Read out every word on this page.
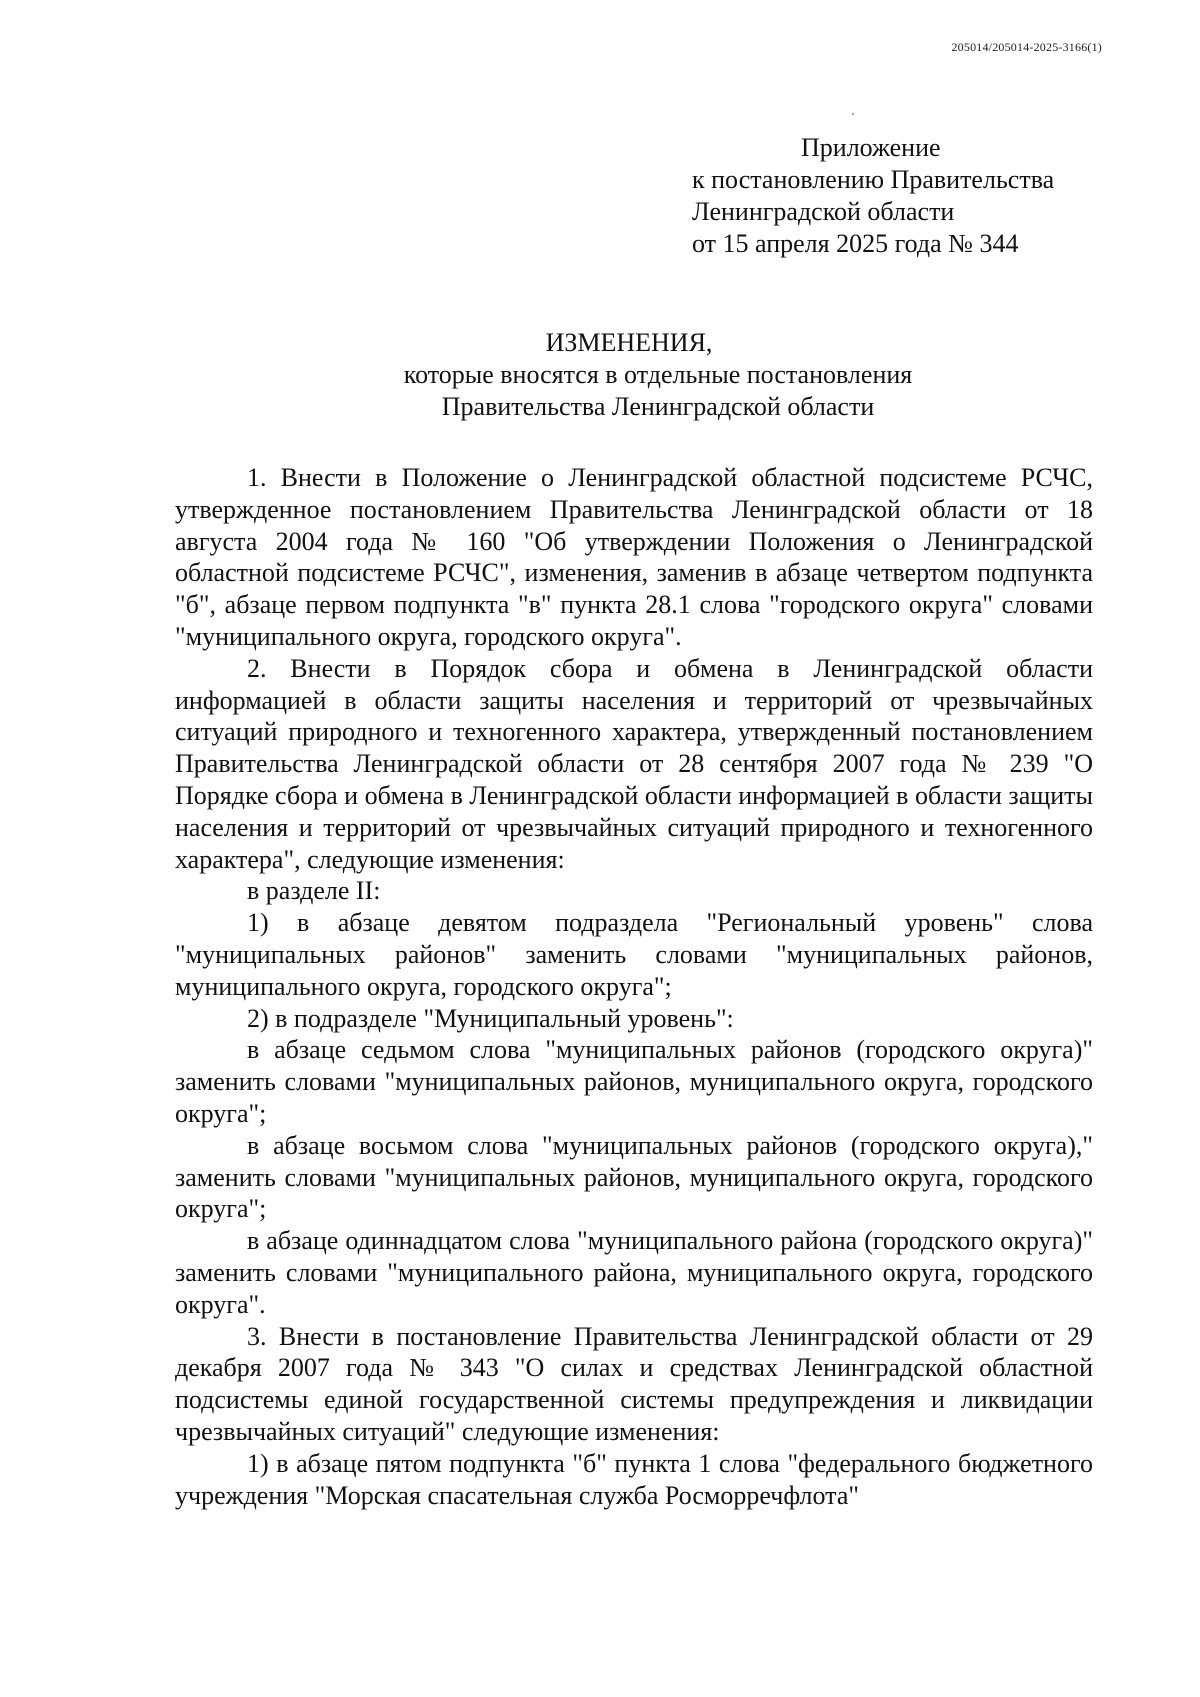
205014/205014-2025-3166(1)
Приложение
к постановлению Правительства
Ленинградской области
от 15 апреля 2025 года № 344
ИЗМЕНЕНИЯ,
которые вносятся в отдельные постановления
Правительства Ленинградской области

1. Внести в Положение о Ленинградской областной подсистеме РСЧС, утвержденное постановлением Правительства Ленинградской области от 18 августа 2004 года № 160 "Об утверждении Положения о Ленинградской областной подсистеме РСЧС", изменения, заменив в абзаце четвертом подпункта "б", абзаце первом подпункта "в" пункта 28.1 слова "городского округа" словами "муниципального округа, городского округа".

2. Внести в Порядок сбора и обмена в Ленинградской области информацией в области защиты населения и территорий от чрезвычайных ситуаций природного и техногенного характера, утвержденный постановлением Правительства Ленинградской области от 28 сентября 2007 года № 239 "О Порядке сбора и обмена в Ленинградской области информацией в области защиты населения и территорий от чрезвычайных ситуаций природного и техногенного характера", следующие изменения:

в разделе II:

1) в абзаце девятом подраздела "Региональный уровень" слова "муниципальных районов" заменить словами "муниципальных районов, муниципального округа, городского округа";

2) в подразделе "Муниципальный уровень":

в абзаце седьмом слова "муниципальных районов (городского округа)" заменить словами "муниципальных районов, муниципального округа, городского округа";

в абзаце восьмом слова "муниципальных районов (городского округа)," заменить словами "муниципальных районов, муниципального округа, городского округа";

в абзаце одиннадцатом слова "муниципального района (городского округа)" заменить словами "муниципального района, муниципального округа, городского округа".

3. Внести в постановление Правительства Ленинградской области от 29 декабря 2007 года № 343 "О силах и средствах Ленинградской областной подсистемы единой государственной системы предупреждения и ликвидации чрезвычайных ситуаций" следующие изменения:

1) в абзаце пятом подпункта "б" пункта 1 слова "федерального бюджетного учреждения "Морская спасательная служба Росморречфлота"
